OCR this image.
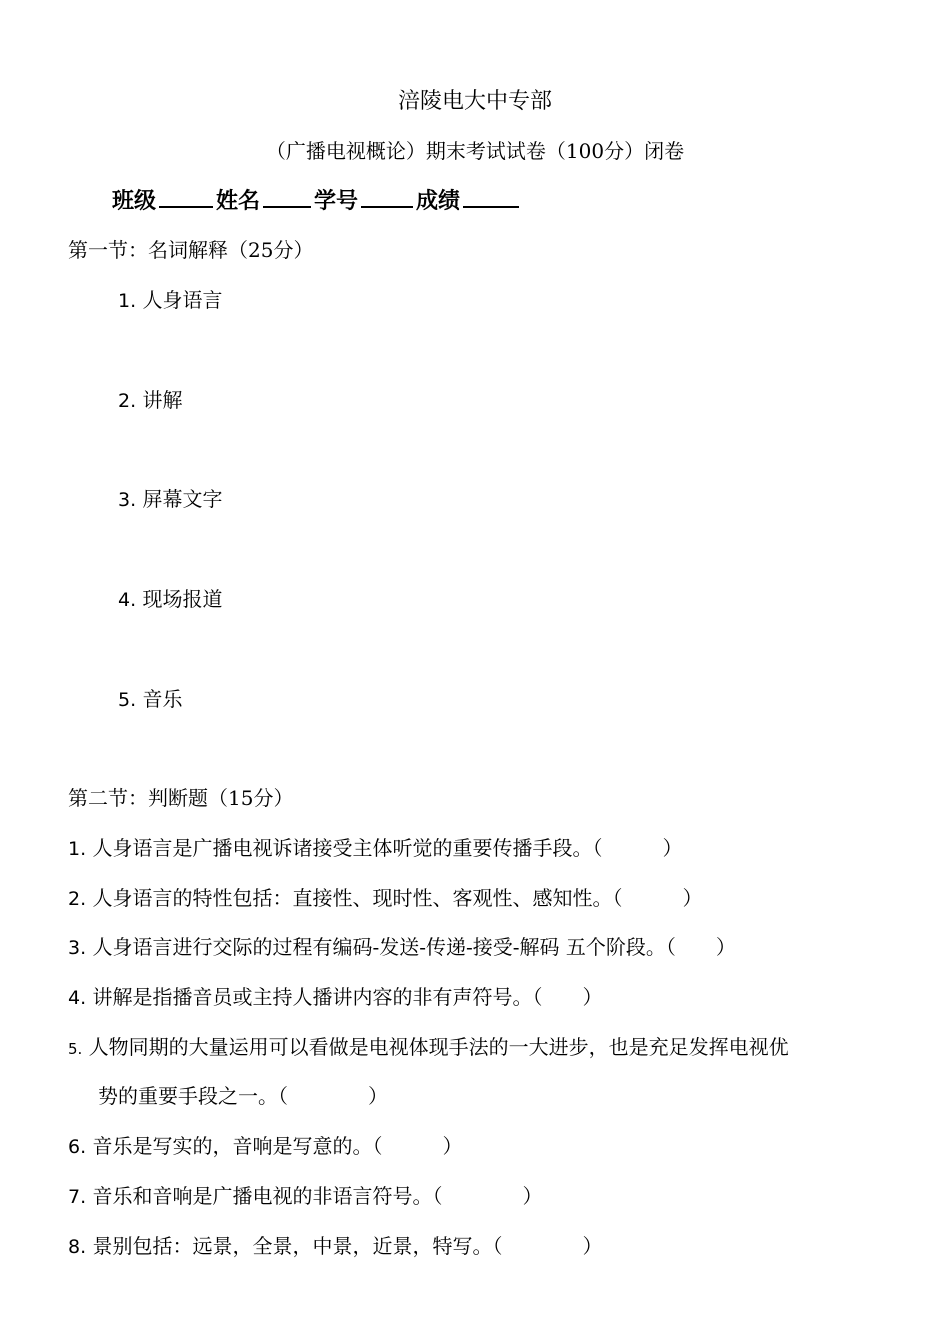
涪陵电大中专部
（广播电视概论）期末考试试卷（100分）闭卷
班级	姓名 学号	成绩
第一节：名词解释（25分）
1. 人身语言
2. 讲解
3. 屏幕文字
4. 现场报道
5. 音乐
第二节：判断题（15分）
1. 人身语言是广播电视诉诸接受主体听觉的重要传播手段。（　　　）
2. 人身语言的特性包括：直接性、现时性、客观性、感知性。（　　　）
3. 人身语言进行交际的过程有编码-发送-传递-接受-解码 五个阶段。（　　）
4. 讲解是指播音员或主持人播讲内容的非有声符号。（　　）
5. 人物同期的大量运用可以看做是电视体现手法的一大进步，也是充足发挥电视优
势的重要手段之一。（　　　　）
6. 音乐是写实的，音响是写意的。（　　　）
7. 音乐和音响是广播电视的非语言符号。（　　　　）
8. 景别包括：远景，全景，中景，近景，特写。（　　　　）
